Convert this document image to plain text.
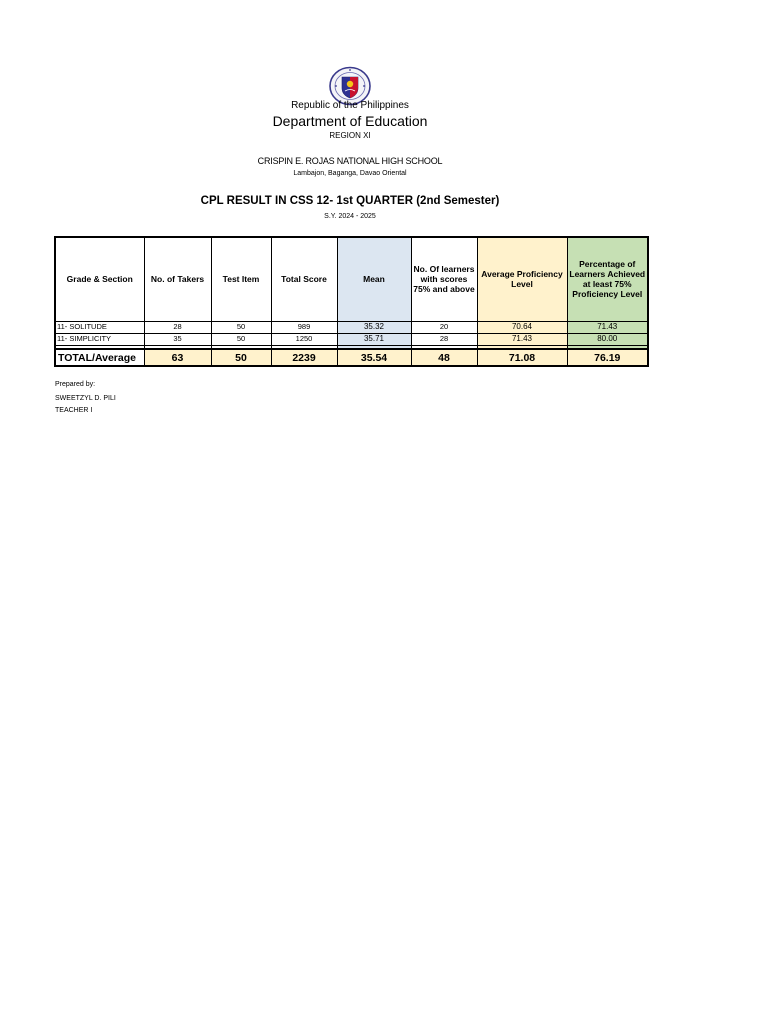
Republic of the Philippines
Department of Education
REGION XI
CRISPIN E. ROJAS NATIONAL HIGH SCHOOL
Lambajon, Baganga, Davao Oriental
CPL RESULT IN CSS 12- 1st QUARTER (2nd Semester)
S.Y. 2024 - 2025
Grade & Section	No. of Takers	Test Item	Total Score	Mean	No. Of learners with scores 75% and above	Average Proficiency Level	Percentage of Learners Achieved at least 75% Proficiency Level
11- SOLITUDE	28	50	989	35.32	20	70.64	71.43
11- SIMPLICITY	35	50	1250	35.71	28	71.43	80.00

TOTAL/Average	63	50	2239	35.54	48	71.08	76.19
Prepared by:
SWEETZYL D. PILI
TEACHER I
